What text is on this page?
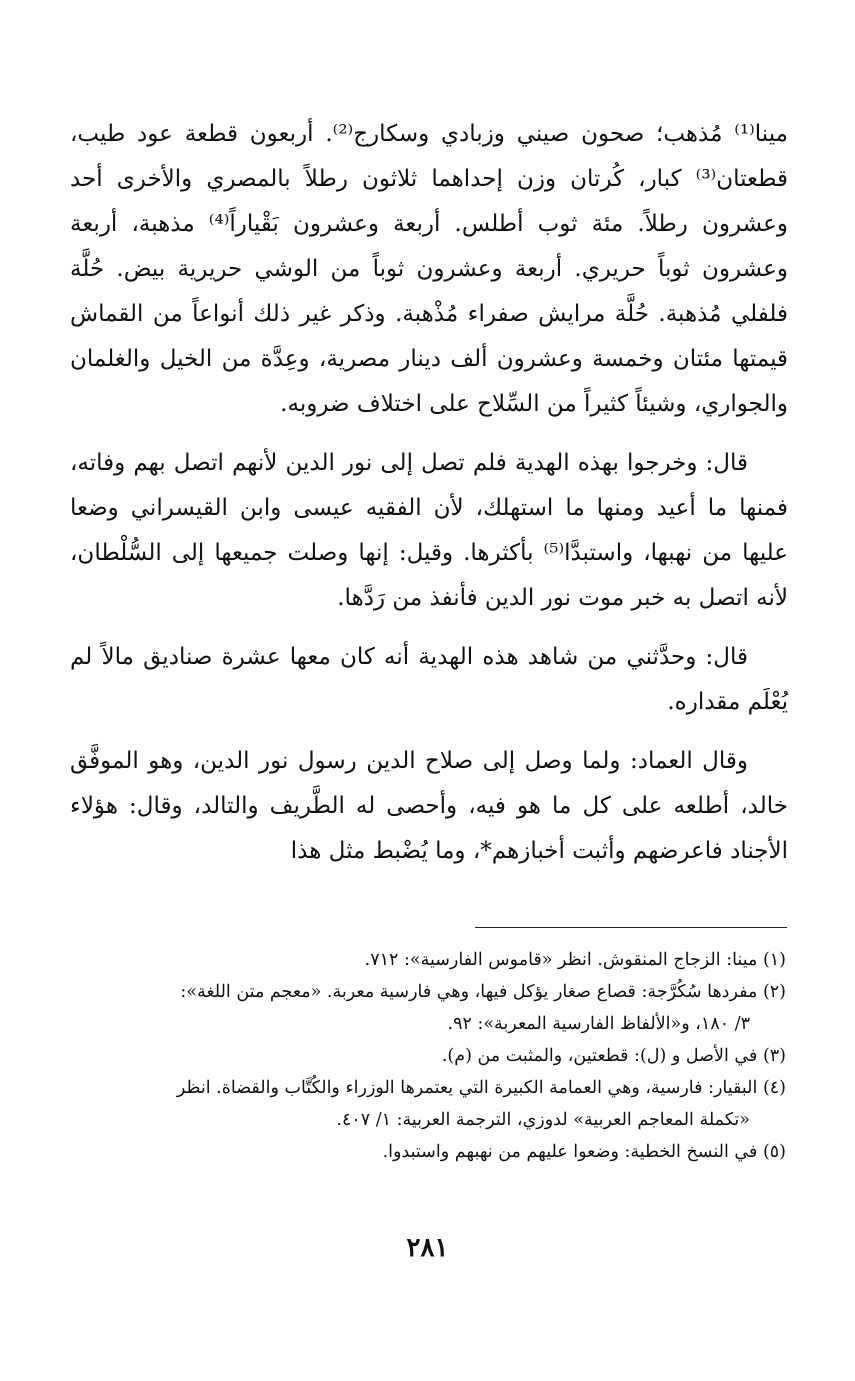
مينا⁽¹⁾ مُذهب؛ صحون صيني وزبادي وسكارج⁽²⁾. أربعون قطعة عود طيب، قطعتان⁽³⁾ كبار، كُرتان وزن إحداهما ثلاثون رطلاً بالمصري والأخرى أحد وعشرون رطلاً. مئة ثوب أطلس. أربعة وعشرون بَقْياراً⁽⁴⁾ مذهبة، أربعة وعشرون ثوباً حريري. أربعة وعشرون ثوباً من الوشي حريرية بيض. حُلَّة فلفلي مُذهبة. حُلَّة مرايش صفراء مُذْهبة. وذكر غير ذلك أنواعاً من القماش قيمتها مئتان وخمسة وعشرون ألف دينار مصرية، وعِدَّة من الخيل والغلمان والجواري، وشيئاً كثيراً من السِّلاح على اختلاف ضروبه.

قال: وخرجوا بهذه الهدية فلم تصل إلى نور الدين لأنهم اتصل بهم وفاته، فمنها ما أعيد ومنها ما استهلك، لأن الفقيه عيسى وابن القيسراني وضعا عليها من نهبها، واستبدَّا⁽⁵⁾ بأكثرها. وقيل: إنها وصلت جميعها إلى السُّلْطان، لأنه اتصل به خبر موت نور الدين فأنفذ من رَدَّها.

قال: وحدَّثني من شاهد هذه الهدية أنه كان معها عشرة صناديق مالاً لم يُعْلَم مقداره.

وقال العماد: ولما وصل إلى صلاح الدين رسول نور الدين، وهو الموفَّق خالد، أطلعه على كل ما هو فيه، وأحصى له الطَّريف والتالد، وقال: هؤلاء الأجناد فاعرضهم وأثبت أخبازهم*، وما يُضْبط مثل هذا

(١) مينا: الزجاج المنقوش. انظر «قاموس الفارسية»: ٧١٢.

(٢) مفردها سُكُرَّجة: قصاع صغار يؤكل فيها، وهي فارسية معربة. «معجم متن اللغة»:
٣/ ١٨٠، و«الألفاظ الفارسية المعربة»: ٩٢.

(٣) في الأصل و (ل): قطعتين، والمثبت من (م).

(٤) البقيار: فارسية، وهي العمامة الكبيرة التي يعتمرها الوزراء والكُتَّاب والقضاة. انظر
«تكملة المعاجم العربية» لدوزي، الترجمة العربية: ١/ ٤٠٧.

(٥) في النسخ الخطية: وضعوا عليهم من نهبهم واستبدوا.

٢٨١
